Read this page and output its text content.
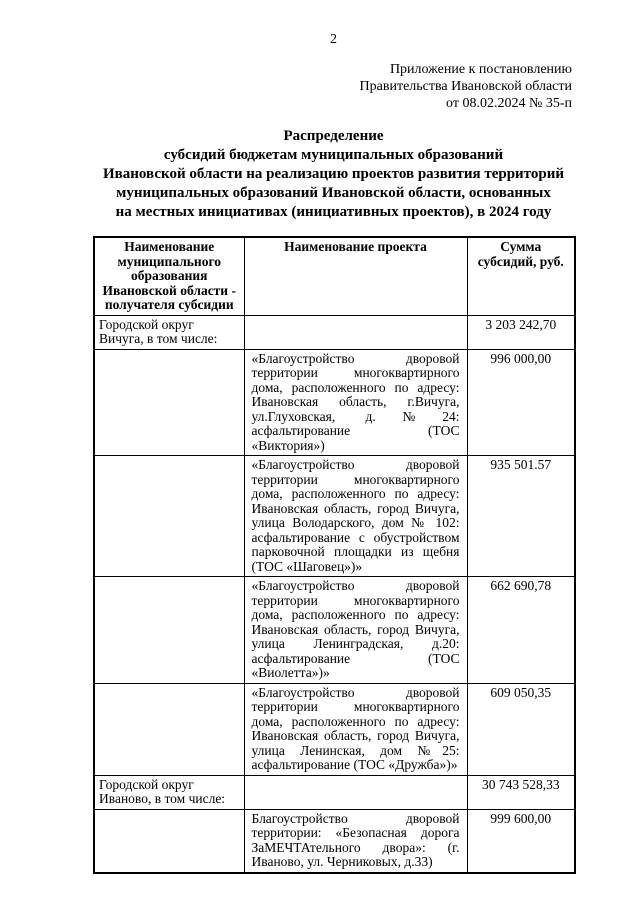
2
Приложение к постановлению
Правительства Ивановской области
от 08.02.2024 № 35-п
Распределение
субсидий бюджетам муниципальных образований
Ивановской области на реализацию проектов развития территорий
муниципальных образований Ивановской области, основанных
на местных инициативах (инициативных проектов), в 2024 году
Наименование муниципального образования Ивановской области - получателя субсидии	Наименование проекта	Сумма субсидий, руб.
Городской округ Вичуга, в том числе:		3 203 242,70
	«Благоустройство дворовой территории многоквартирного дома, расположенного по адресу: Ивановская область, г.Вичуга, ул.Глуховская, д.№24: асфальтирование (ТОС «Виктория»)	996 000,00
	«Благоустройство дворовой территории многоквартирного дома, расположенного по адресу: Ивановская область, город Вичуга, улица Володарского, дом № 102: асфальтирование с обустройством парковочной площадки из щебня (ТОС «Шаговец»)»	935 501.57
	«Благоустройство дворовой территории многоквартирного дома, расположенного по адресу: Ивановская область, город Вичуга, улица Ленинградская, д.20: асфальтирование (ТОС «Виолетта»)»	662 690,78
	«Благоустройство дворовой территории многоквартирного дома, расположенного по адресу: Ивановская область, город Вичуга, улица Ленинская, дом №25: асфальтирование (ТОС «Дружба»)»	609 050,35
Городской округ Иваново, в том числе:		30 743 528,33
	Благоустройство дворовой территории: «Безопасная дорога ЗаМЕЧТАтельного двора»: (г. Иваново, ул. Черниковых, д.33)	999 600,00
